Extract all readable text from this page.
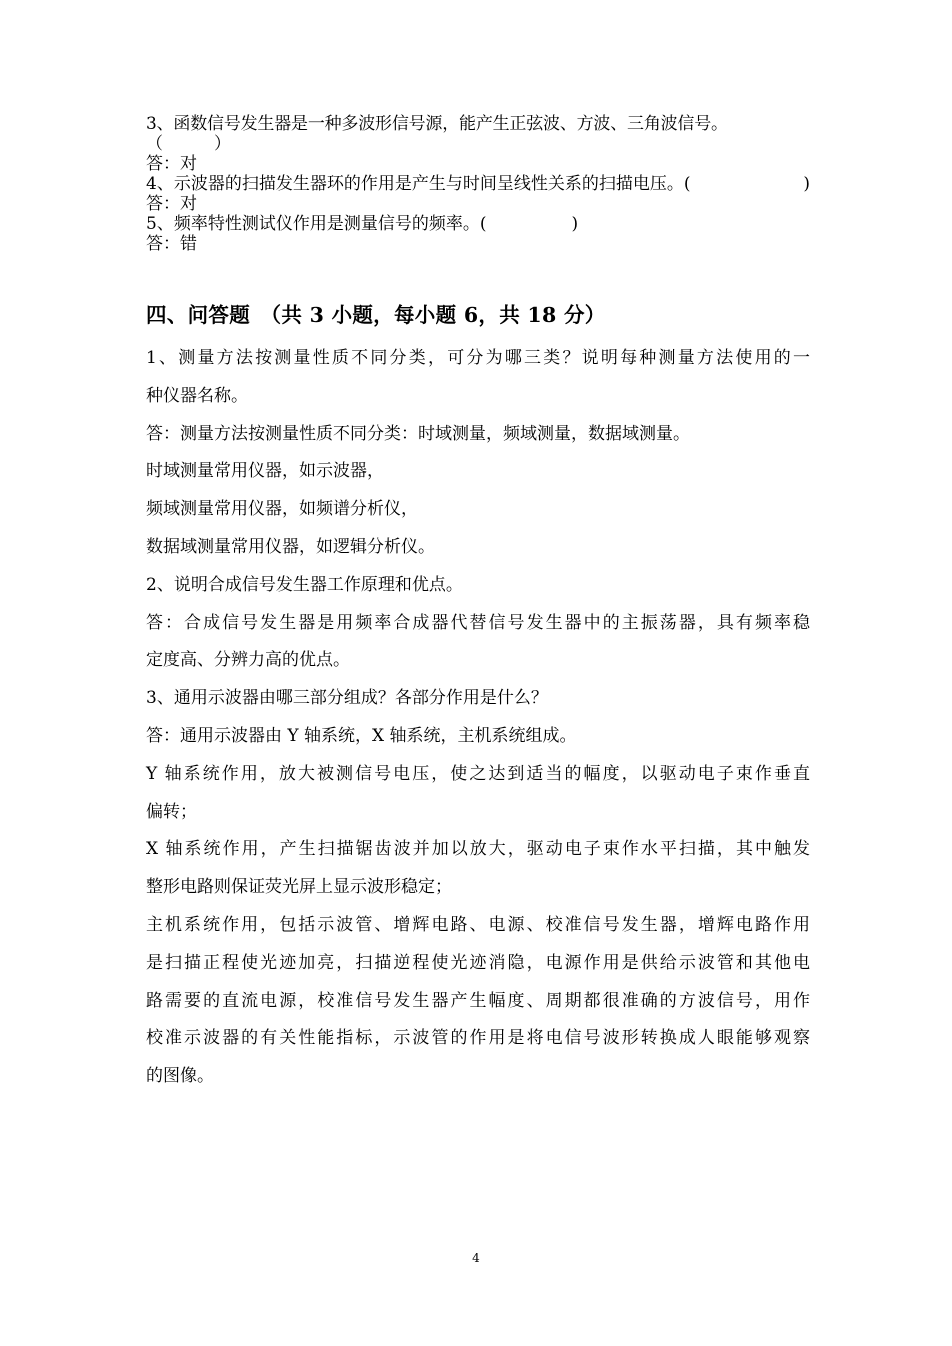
3、函数信号发生器是一种多波形信号源，能产生正弦波、方波、三角波信号。
（　　　）
答：对
4、示波器的扫描发生器环的作用是产生与时间呈线性关系的扫描电压。(	)
答：对
5、频率特性测试仪作用是测量信号的频率。(　　　　　)
答：错
四、问答题　（共 3 小题，每小题 6，共 18 分）
1、测量方法按测量性质不同分类，可分为哪三类？说明每种测量方法使用的一
种仪器名称。
答：测量方法按测量性质不同分类：时域测量，频域测量，数据域测量。
时域测量常用仪器，如示波器，
频域测量常用仪器，如频谱分析仪，
数据域测量常用仪器，如逻辑分析仪。
2、说明合成信号发生器工作原理和优点。
答：合成信号发生器是用频率合成器代替信号发生器中的主振荡器，具有频率稳
定度高、分辨力高的优点。
3、通用示波器由哪三部分组成？各部分作用是什么？
答：通用示波器由 Y 轴系统，X 轴系统，主机系统组成。
Y 轴系统作用，放大被测信号电压，使之达到适当的幅度，以驱动电子束作垂直
偏转；
X 轴系统作用，产生扫描锯齿波并加以放大，驱动电子束作水平扫描，其中触发
整形电路则保证荧光屏上显示波形稳定；
主机系统作用，包括示波管、增辉电路、电源、校准信号发生器，增辉电路作用
是扫描正程使光迹加亮，扫描逆程使光迹消隐，电源作用是供给示波管和其他电
路需要的直流电源，校准信号发生器产生幅度、周期都很准确的方波信号，用作
校准示波器的有关性能指标，示波管的作用是将电信号波形转换成人眼能够观察
的图像。
4
